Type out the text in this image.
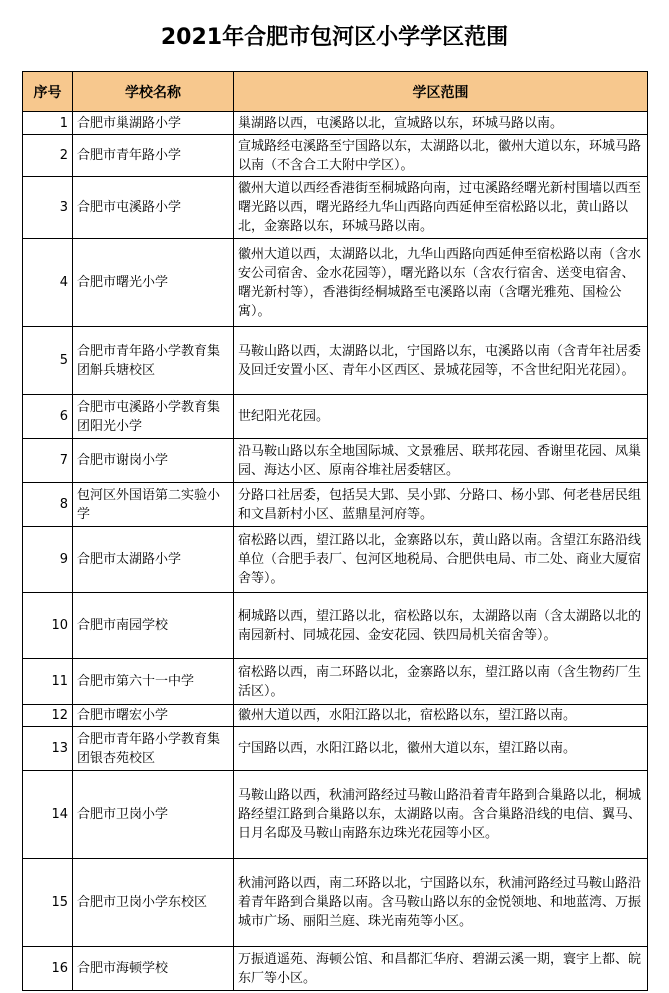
2021年合肥市包河区小学学区范围
序号	学校名称	学区范围
1	合肥市巢湖路小学	巢湖路以西，屯溪路以北，宣城路以东，环城马路以南。
2	合肥市青年路小学	宣城路经屯溪路至宁国路以东，太湖路以北，徽州大道以东，环城马路以南（不含合工大附中学区）。
3	合肥市屯溪路小学	徽州大道以西经香港街至桐城路向南，过屯溪路经曙光新村围墙以西至曙光路以西，曙光路经九华山西路向西延伸至宿松路以北，黄山路以北，金寨路以东，环城马路以南。
4	合肥市曙光小学	徽州大道以西，太湖路以北，九华山西路向西延伸至宿松路以南（含水安公司宿舍、金水花园等），曙光路以东（含农行宿舍、送变电宿舍、曙光新村等），香港街经桐城路至屯溪路以南（含曙光雅苑、国检公寓）。
5	合肥市青年路小学教育集团斛兵塘校区	马鞍山路以西，太湖路以北，宁国路以东，屯溪路以南（含青年社居委及回迁安置小区、青年小区西区、景城花园等，不含世纪阳光花园）。
6	合肥市屯溪路小学教育集团阳光小学	世纪阳光花园。
7	合肥市谢岗小学	沿马鞍山路以东全地国际城、文景雅居、联邦花园、香谢里花园、凤巢园、海达小区、原南谷堆社居委辖区。
8	包河区外国语第二实验小学	分路口社居委，包括吴大郢、吴小郢、分路口、杨小郢、何老巷居民组和文昌新村小区、蓝鼎星河府等。
9	合肥市太湖路小学	宿松路以西，望江路以北，金寨路以东，黄山路以南。含望江东路沿线单位（合肥手表厂、包河区地税局、合肥供电局、市二处、商业大厦宿舍等）。
10	合肥市南园学校	桐城路以西，望江路以北，宿松路以东，太湖路以南（含太湖路以北的南园新村、同城花园、金安花园、铁四局机关宿舍等）。
11	合肥市第六十一中学	宿松路以西，南二环路以北，金寨路以东，望江路以南（含生物药厂生活区）。
12	合肥市曙宏小学	徽州大道以西，水阳江路以北，宿松路以东，望江路以南。
13	合肥市青年路小学教育集团银杏苑校区	宁国路以西，水阳江路以北，徽州大道以东，望江路以南。
14	合肥市卫岗小学	马鞍山路以西，秋浦河路经过马鞍山路沿着青年路到合巢路以北，桐城路经望江路到合巢路以东，太湖路以南。含合巢路沿线的电信、翼马、日月名邸及马鞍山南路东边珠光花园等小区。
15	合肥市卫岗小学东校区	秋浦河路以西，南二环路以北，宁国路以东，秋浦河路经过马鞍山路沿着青年路到合巢路以南。含马鞍山路以东的金悦领地、和地蓝湾、万振城市广场、丽阳兰庭、珠光南苑等小区。
16	合肥市海顿学校	万振逍遥苑、海顿公馆、和昌都汇华府、碧湖云溪一期，寰宇上都、皖东厂等小区。
